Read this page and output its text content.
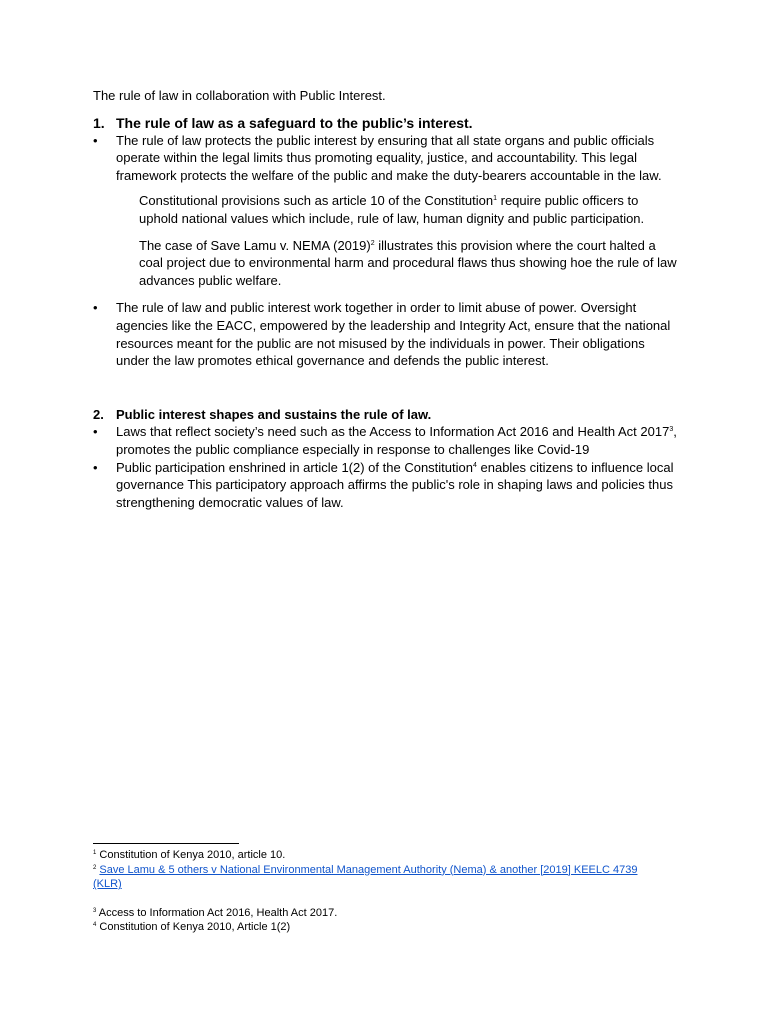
The rule of law in collaboration with Public Interest.

1. The rule of law as a safeguard to the public’s interest.
•	The rule of law protects the public interest by ensuring that all state organs and public officials operate within the legal limits thus promoting equality, justice, and accountability. This legal framework protects the welfare of the public and make the duty-bearers accountable in the law.

Constitutional provisions such as article 10 of the Constitution$^1$ require public officers to uphold national values which include, rule of law, human dignity and public participation.

The case of Save Lamu v. NEMA $(2019)^2$ illustrates this provision where the court halted a coal project due to environmental harm and procedural flaws thus showing hoe the rule of law advances public welfare.

•	The rule of law and public interest work together in order to limit abuse of power. Oversight agencies like the EACC, empowered by the leadership and Integrity Act, ensure that the national resources meant for the public are not misused by the individuals in power. Their obligations under the law promotes ethical governance and defends the public interest.
2. Public interest shapes and sustains the rule of law.
•	Laws that reflect society’s need such as the Access to Information Act 2016 and Health Act 2017$^3$, promotes the public compliance especially in response to challenges like Covid-19
•	Public participation enshrined in article 1(2) of the Constitution$^4$ enables citizens to influence local governance This participatory approach affirms the public's role in shaping laws and policies thus strengthening democratic values of law.
$^1$ Constitution of Kenya 2010, article 10.
$^2$ Save Lamu & 5 others v National Environmental Management Authority (Nema) & another [2019] KEELC 4739 (KLR)
$^3$ Access to Information Act 2016, Health Act 2017.
$^4$ Constitution of Kenya 2010, Article 1(2)
